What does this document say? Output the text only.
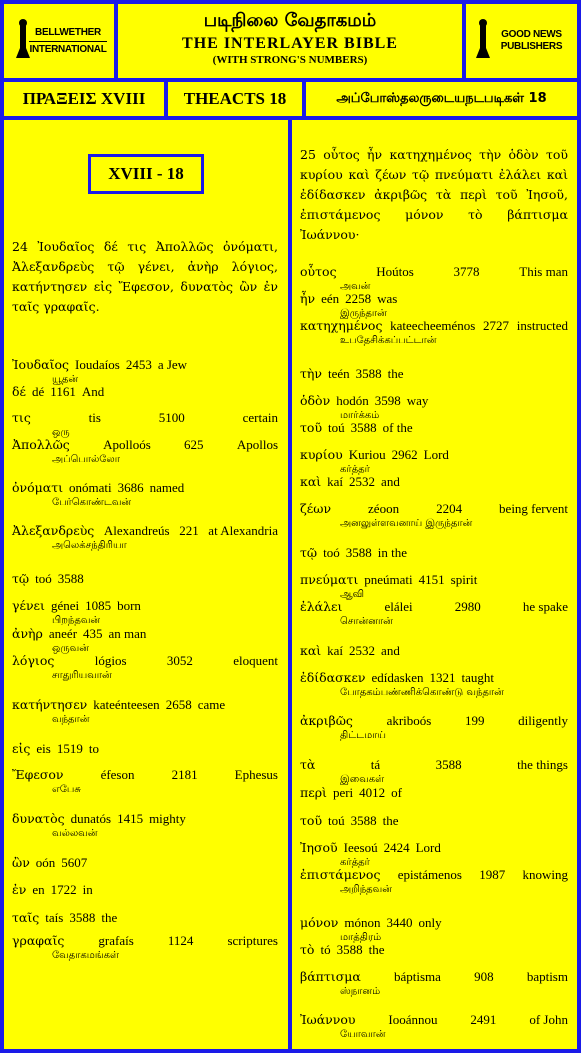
BELLWETHER
INTERNATIONAL
படிநிலை வேதாகமம்
THE INTERLAYER BIBLE
(WITH STRONG'S NUMBERS)
GOOD NEWS
PUBLISHERS
ΠΡΑΞΕΙΣ XVIII	THEACTS 18	அப்போஸ்தலருடையநடபடிகள் 18
XVIII - 18
24 Ἰουδαῖος δέ τις Ἀπολλῶς ὀνόματι, Ἀλεξανδρεὺς τῷ γένει, ἀνὴρ λόγιος, κατήντησεν εἰς Ἔφεσον, δυνατὸς ὢν ἐν ταῖς γραφαῖς.
25 οὗτος ἦν κατηχημένος τὴν ὁδὸν τοῦ κυρίου καὶ ζέων τῷ πνεύματι ἐλάλει καὶ ἐδίδασκεν ἀκριβῶς τὰ περὶ τοῦ Ἰησοῦ, ἐπιστάμενος μόνον τὸ βάπτισμα Ἰωάννου·
Ἰουδαῖος Ioudaíos 2453 a Jew
யூதன்
δέ dé 1161 And
τις	tis	5100	certain
ஒரு
Ἀπολλῶς	Apolloós	625	Apollos
அப்பொல்லோ
ὀνόματι onómati 3686 named
பேர்கொண்டவன்
Ἀλεξανδρεὺς Alexandreús 221 at Alexandria
அலெக்சந்திரியா
τῷ toó 3588
γένει génei 1085 born
பிறந்தவன்
ἀνὴρ aneér 435 an man
ஒருவன்
λόγιος	lógios	3052	eloquent
சாதுரியவான்
κατήντησεν kateénteesen 2658 came
வந்தான்
εἰς eis 1519 to
Ἔφεσον	éfeson	2181	Ephesus
எபேசு
δυνατὸς dunatós 1415 mighty
வல்லவன்
ὢν oón 5607
ἐν en 1722 in
ταῖς taís 3588 the
γραφαῖς	grafaís	1124	scriptures
வேதாகமங்கள்
οὗτος	Hoútos	3778	This man
அவன்
ἦν eén 2258 was
இருந்தான்
κατηχημένος kateecheeménos 2727 instructed
உபதேசிக்கப்பட்டான்
τὴν teén 3588 the
ὁδὸν hodón 3598 way
மார்க்கம்
τοῦ toú 3588 of the
κυρίου Kuriou 2962 Lord
கர்த்தர்
καὶ kaí 2532 and
ζέων	zéoon	2204	being fervent
அனலுள்ளவனாய் இருந்தான்
τῷ toó 3588 in the
πνεύματι pneúmati 4151 spirit
ஆவி
ἐλάλει	elálei	2980	he spake
சொன்னான்
καὶ kaí 2532 and
ἐδίδασκεν edídasken 1321 taught
போதகம்பண்ணிக்கொண்டு வந்தான்
ἀκριβῶς	akriboós	199	diligently
திட்டமாய்
τὰ	tá	3588	the things
இவைகள்
περὶ peri 4012 of
τοῦ toú 3588 the
Ἰησοῦ Ieesoú 2424 Lord
கர்த்தர்
ἐπιστάμενος epistámenos 1987 knowing
அறிந்தவன்
μόνον mónon 3440 only
மாத்திரம்
τὸ tó 3588 the
βάπτισμα	báptisma	908	baptism
ஸ்நானம்
Ἰωάννου	Iooánnou	2491	of John
யோவான்
